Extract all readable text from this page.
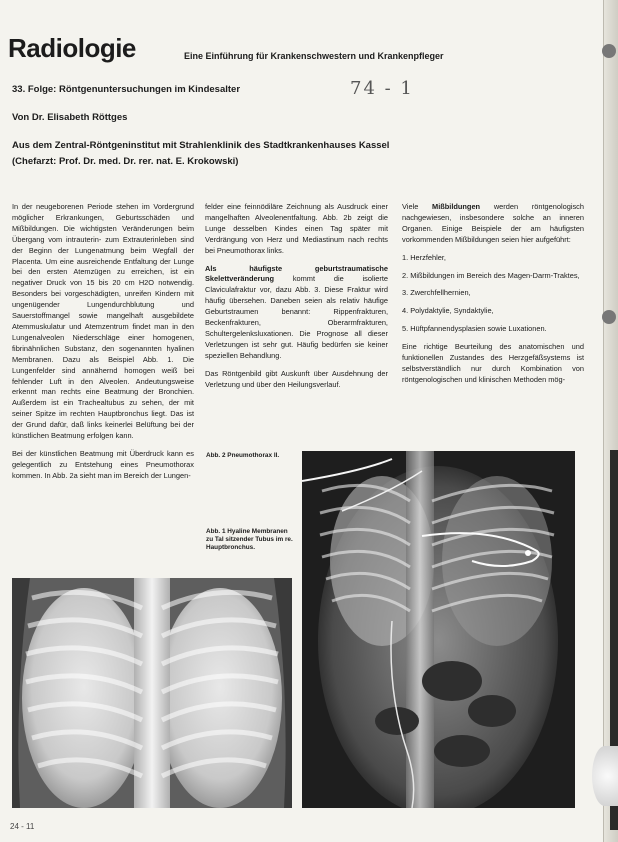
Radiologie	Eine Einführung für Krankenschwestern und Krankenpfleger
33. Folge: Röntgenuntersuchungen im Kindesalter	74 - 1
Von Dr. Elisabeth Röttges
Aus dem Zentral-Röntgeninstitut mit Strahlenklinik des Stadtkrankenhauses Kassel
(Chefarzt: Prof. Dr. med. Dr. rer. nat. E. Krokowski)

In der neugeborenen Periode stehen im Vordergrund möglicher Erkrankungen, Geburtsschäden und Mißbildungen. Die wichtigsten Veränderungen beim Übergang vom intrauterin- zum Extrauterinleben sind der Beginn der Lungenatmung beim Wegfall der Placenta. Um eine ausreichende Entfaltung der Lunge bei den ersten Atemzügen zu erreichen, ist ein negativer Druck von 15 bis 20 cm H2O notwendig. Besonders bei vorgeschädigten, unreifen Kindern mit ungenügender Lungendurchblutung und Sauerstoffmangel sowie mangelhaft ausgebildete Atemmuskulatur und Atemzentrum findet man in den Lungenalveolen Niederschläge einer homogenen, fibrinähnlichen Substanz, den sogenannten hyalinen Membranen. Dazu als Beispiel Abb. 1. Die Lungenfelder sind annähernd homogen weiß bei fehlender Luft in den Alveolen. Andeutungsweise erkennt man rechts eine Beatmung der Bronchien. Außerdem ist ein Trachealtubus zu sehen, der mit seiner Spitze im rechten Hauptbronchus liegt. Das ist der Grund dafür, daß links keinerlei Belüftung bei der künstlichen Beatmung erfolgen kann.

Bei der künstlichen Beatmung mit Überdruck kann es gelegentlich zu Entstehung eines Pneumothorax kommen. In Abb. 2a sieht man im Bereich der Lungen-

felder eine feinnödiläre Zeichnung als Ausdruck einer mangelhaften Alveolenentfaltung. Abb. 2b zeigt die Lunge desselben Kindes einen Tag später mit Verdrängung von Herz und Mediastinum nach rechts bei Pneumothorax links.

Als häufigste geburtstraumatische Skelettveränderung kommt die isolierte Claviculafraktur vor, dazu Abb. 3. Diese Fraktur wird häufig übersehen. Daneben seien als relativ häufige Geburtstraumen benannt: Rippenfrakturen, Beckenfrakturen, Oberarmfrakturen, Schultergelenksluxationen. Die Prognose all dieser Verletzungen ist sehr gut. Häufig bedürfen sie keiner speziellen Behandlung.

Das Röntgenbild gibt Auskunft über Ausdehnung der Verletzung und über den Heilungsverlauf.

Viele Mißbildungen werden röntgenologisch nachgewiesen, insbesondere solche an inneren Organen. Einige Beispiele der am häufigsten vorkommenden Mißbildungen seien hier aufgeführt:

1. Herzfehler,
2. Mißbildungen im Bereich des Magen-Darm-Traktes,
3. Zwerchfellhernien,
4. Polydaktylie, Syndaktylie,
5. Hüftpfannendysplasien sowie Luxationen.

Eine richtige Beurteilung des anatomischen und funktionellen Zustandes des Herzgefäßsystems ist selbstverständlich nur durch Kombination von röntgenologischen und klinischen Methoden mög-

Abb. 2 Pneumothorax II.
Abb. 1 Hyaline Membranen zu Tal sitzender Tubus im re. Hauptbronchus.
24 - 11
